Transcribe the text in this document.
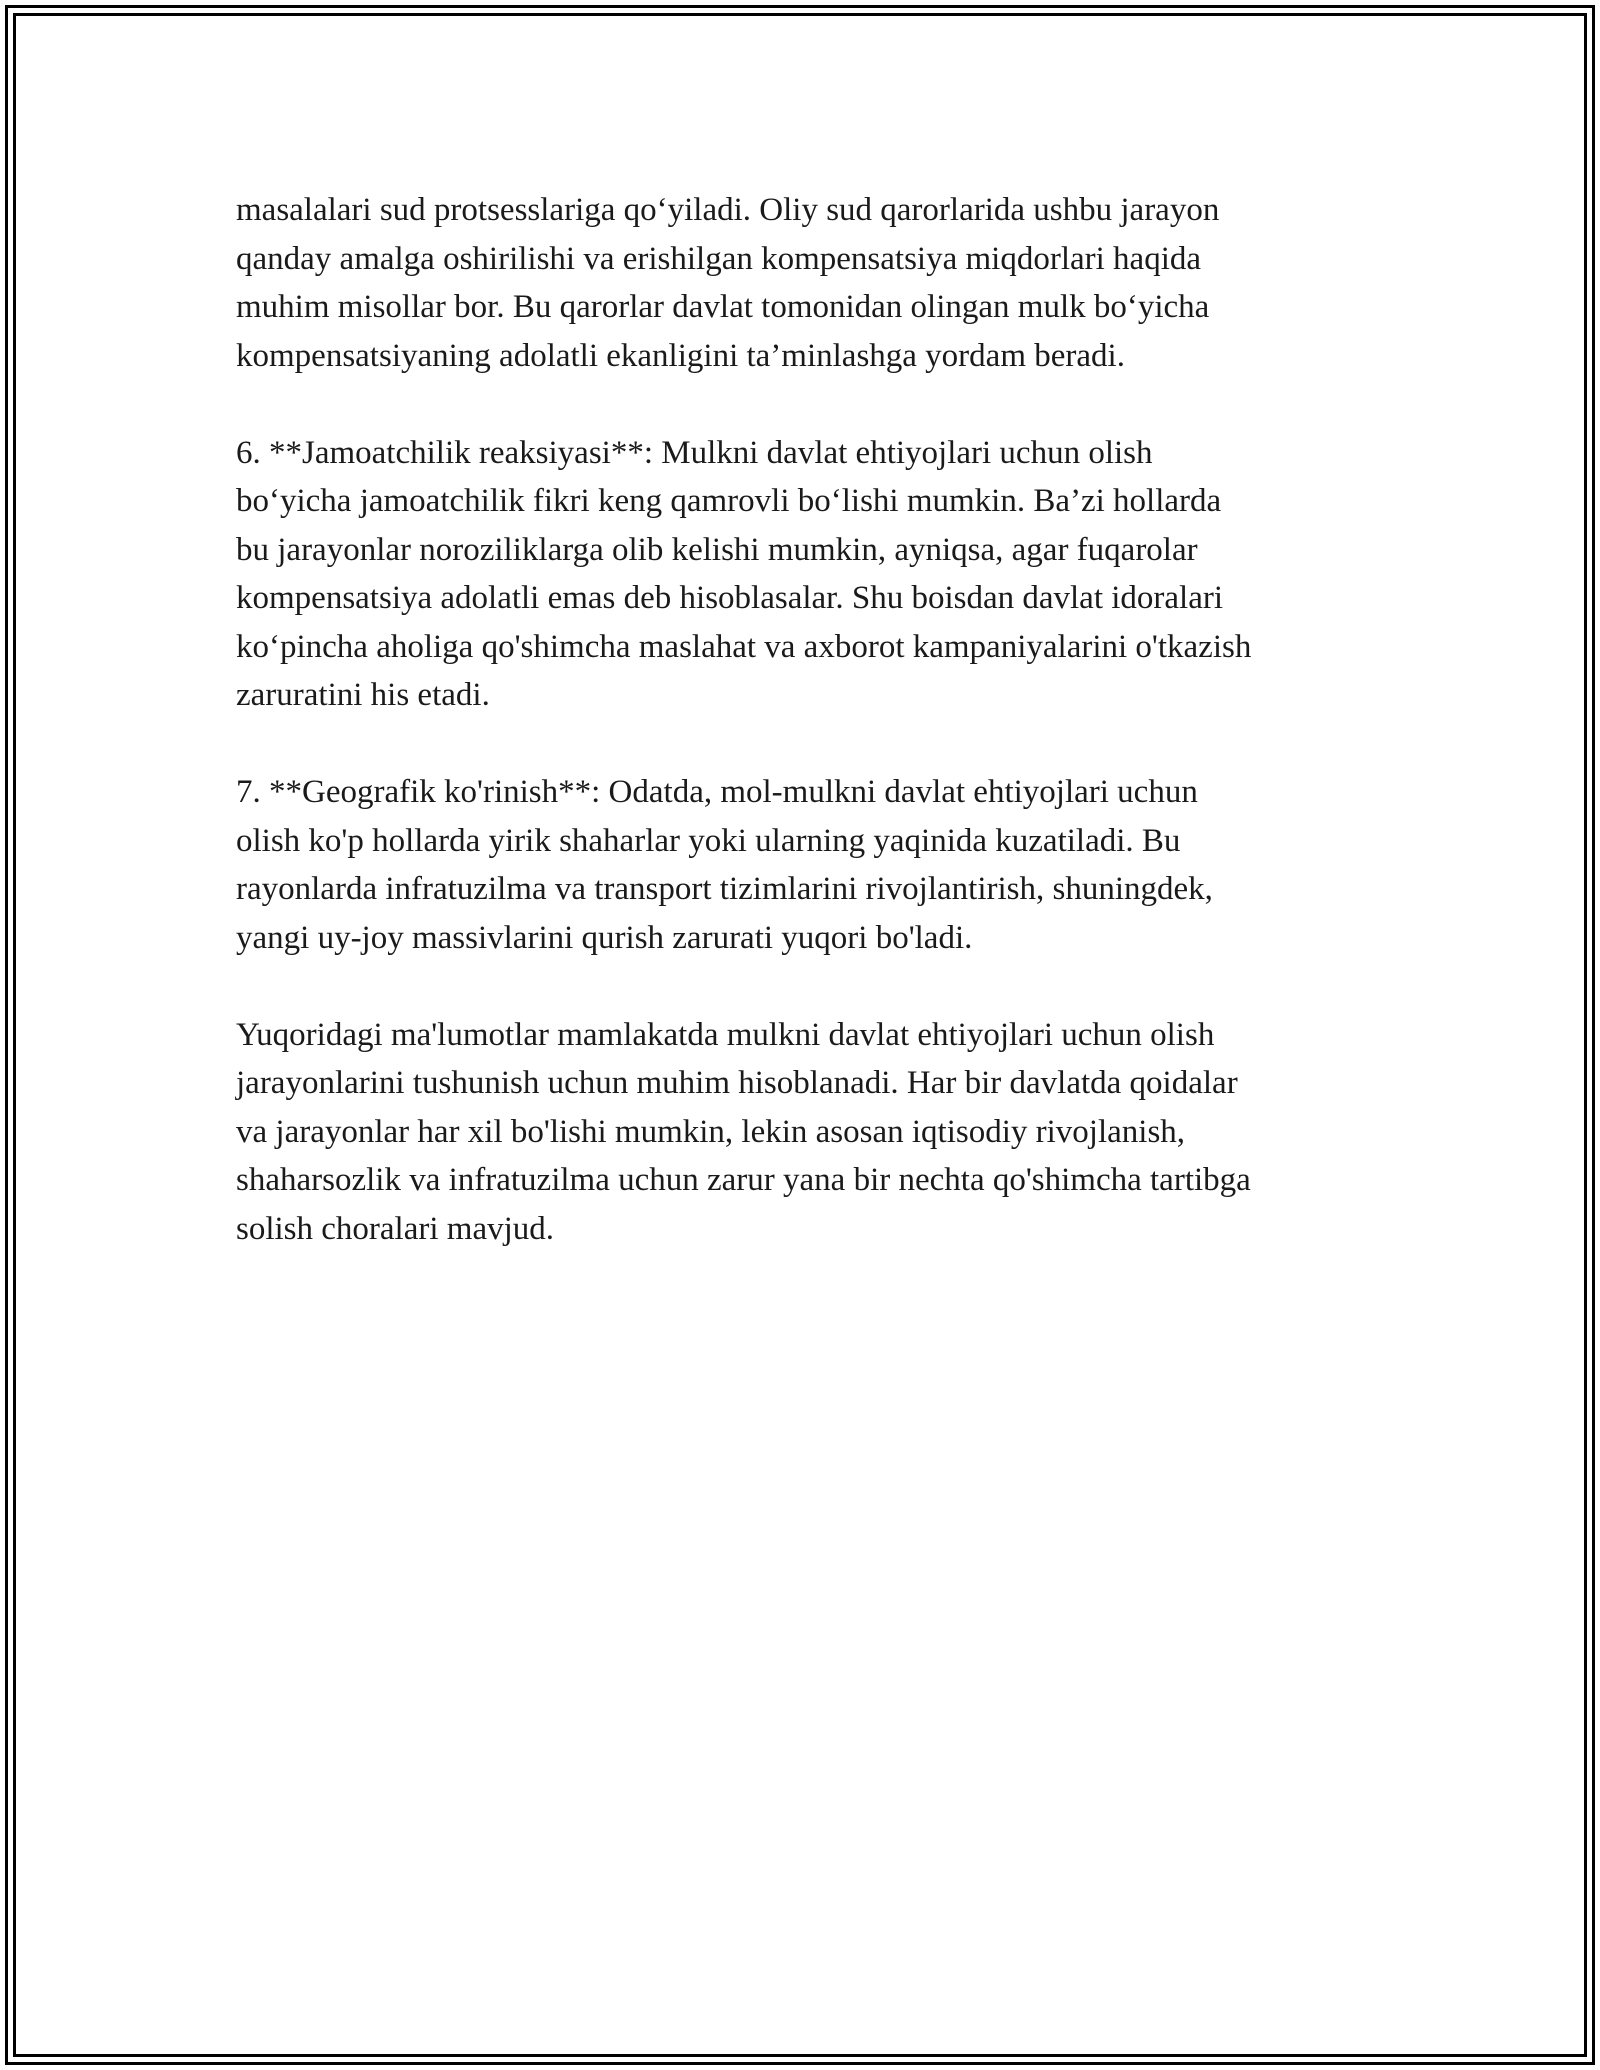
masalalari sud protsesslariga qo‘yiladi. Oliy sud qarorlarida ushbu jarayon
qanday amalga oshirilishi va erishilgan kompensatsiya miqdorlari haqida
muhim misollar bor. Bu qarorlar davlat tomonidan olingan mulk bo‘yicha
kompensatsiyaning adolatli ekanligini ta’minlashga yordam beradi.

6. **Jamoatchilik reaksiyasi**: Mulkni davlat ehtiyojlari uchun olish
bo‘yicha jamoatchilik fikri keng qamrovli bo‘lishi mumkin. Ba’zi hollarda
bu jarayonlar noroziliklarga olib kelishi mumkin, ayniqsa, agar fuqarolar
kompensatsiya adolatli emas deb hisoblasalar. Shu boisdan davlat idoralari
ko‘pincha aholiga qo'shimcha maslahat va axborot kampaniyalarini o'tkazish
zaruratini his etadi.

7. **Geografik ko'rinish**: Odatda, mol-mulkni davlat ehtiyojlari uchun
olish ko'p hollarda yirik shaharlar yoki ularning yaqinida kuzatiladi. Bu
rayonlarda infratuzilma va transport tizimlarini rivojlantirish, shuningdek,
yangi uy-joy massivlarini qurish zarurati yuqori bo'ladi.

Yuqoridagi ma'lumotlar mamlakatda mulkni davlat ehtiyojlari uchun olish
jarayonlarini tushunish uchun muhim hisoblanadi. Har bir davlatda qoidalar
va jarayonlar har xil bo'lishi mumkin, lekin asosan iqtisodiy rivojlanish,
shaharsozlik va infratuzilma uchun zarur yana bir nechta qo'shimcha tartibga
solish choralari mavjud.
